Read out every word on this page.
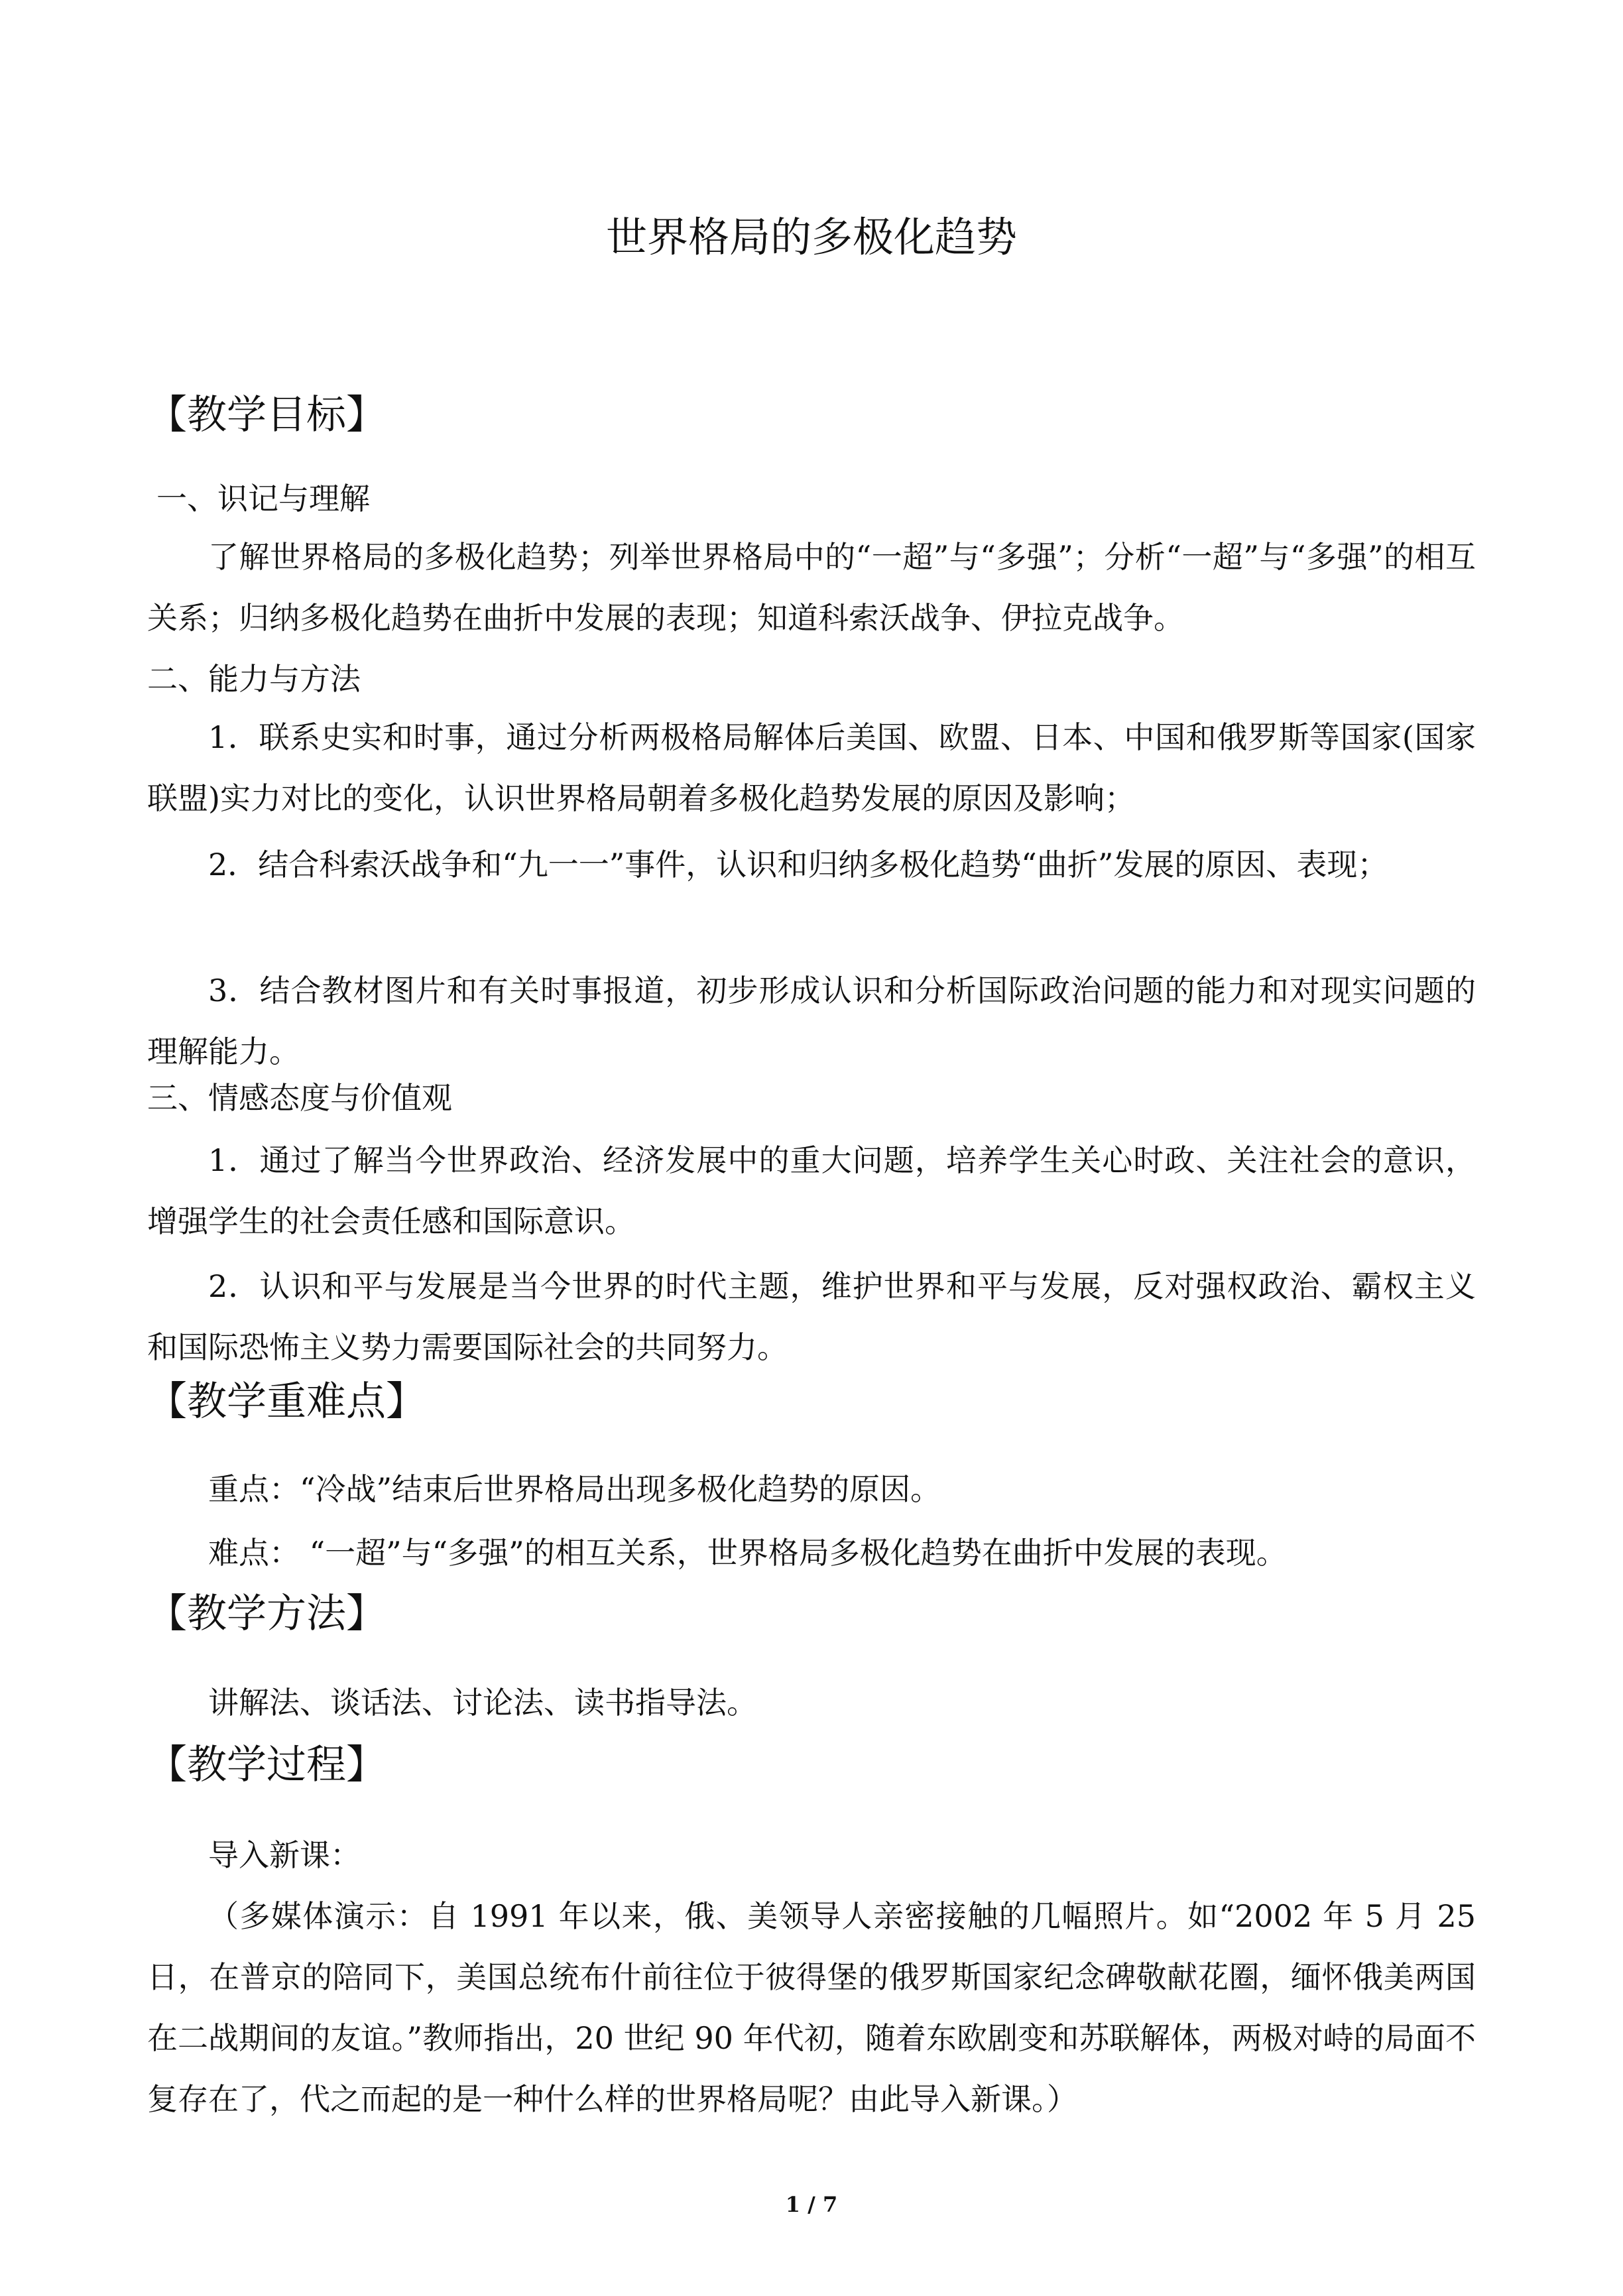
世界格局的多极化趋势
【教学目标】
一、识记与理解
了解世界格局的多极化趋势；列举世界格局中的“一超”与“多强”；分析“一超”与“多强”的相互关系；归纳多极化趋势在曲折中发展的表现；知道科索沃战争、伊拉克战争。
二、能力与方法
1．联系史实和时事，通过分析两极格局解体后美国、欧盟、日本、中国和俄罗斯等国家(国家联盟)实力对比的变化，认识世界格局朝着多极化趋势发展的原因及影响；
2．结合科索沃战争和“九一一”事件，认识和归纳多极化趋势“曲折”发展的原因、表现；
3．结合教材图片和有关时事报道，初步形成认识和分析国际政治问题的能力和对现实问题的理解能力。
三、情感态度与价值观
1．通过了解当今世界政治、经济发展中的重大问题，培养学生关心时政、关注社会的意识，增强学生的社会责任感和国际意识。
2．认识和平与发展是当今世界的时代主题，维护世界和平与发展，反对强权政治、霸权主义和国际恐怖主义势力需要国际社会的共同努力。
【教学重难点】
重点：“冷战”结束后世界格局出现多极化趋势的原因。
难点： “一超”与“多强”的相互关系，世界格局多极化趋势在曲折中发展的表现。
【教学方法】
讲解法、谈话法、讨论法、读书指导法。
【教学过程】
导入新课：
（多媒体演示：自 1991 年以来，俄、美领导人亲密接触的几幅照片。如“2002 年 5 月 25 日，在普京的陪同下，美国总统布什前往位于彼得堡的俄罗斯国家纪念碑敬献花圈，缅怀俄美两国在二战期间的友谊。”教师指出，20 世纪 90 年代初，随着东欧剧变和苏联解体，两极对峙的局面不复存在了，代之而起的是一种什么样的世界格局呢？由此导入新课。）
1 / 7
